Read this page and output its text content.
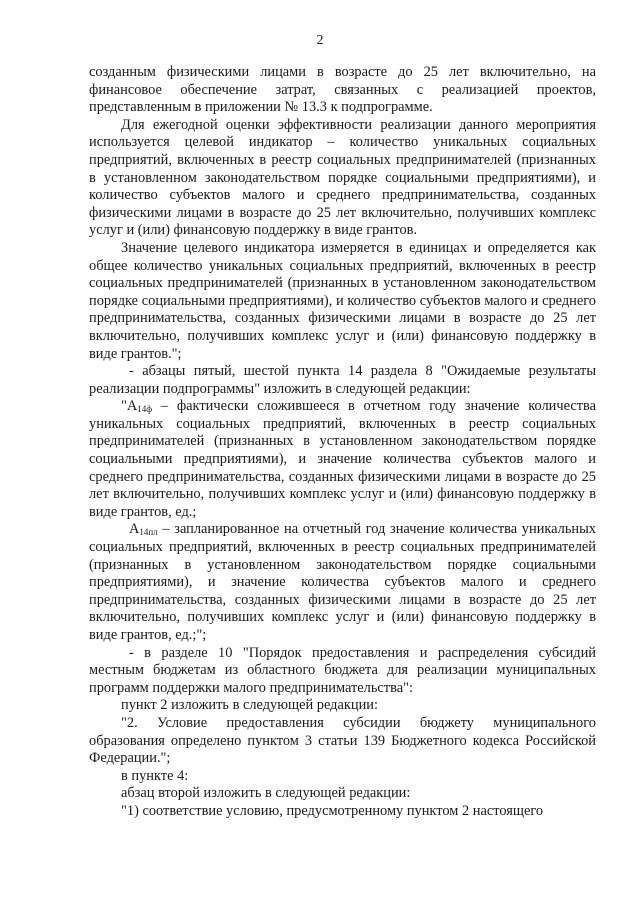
2

созданным физическими лицами в возрасте до 25 лет включительно, на финансовое обеспечение затрат, связанных с реализацией проектов, представленным в приложении № 13.3 к подпрограмме.

Для ежегодной оценки эффективности реализации данного мероприятия используется целевой индикатор – количество уникальных социальных предприятий, включенных в реестр социальных предпринимателей (признанных в установленном законодательством порядке социальными предприятиями), и количество субъектов малого и среднего предпринимательства, созданных физическими лицами в возрасте до 25 лет включительно, получивших комплекс услуг и (или) финансовую поддержку в виде грантов.

Значение целевого индикатора измеряется в единицах и определяется как общее количество уникальных социальных предприятий, включенных в реестр социальных предпринимателей (признанных в установленном законодательством порядке социальными предприятиями), и количество субъектов малого и среднего предпринимательства, созданных физическими лицами в возрасте до 25 лет включительно, получивших комплекс услуг и (или) финансовую поддержку в виде грантов.";

- абзацы пятый, шестой пункта 14 раздела 8 "Ожидаемые результаты реализации подпрограммы" изложить в следующей редакции:

"$A_{14ф}$ – фактически сложившееся в отчетном году значение количества уникальных социальных предприятий, включенных в реестр социальных предпринимателей (признанных в установленном законодательством порядке социальными предприятиями), и значение количества субъектов малого и среднего предпринимательства, созданных физическими лицами в возрасте до 25 лет включительно, получивших комплекс услуг и (или) финансовую поддержку в виде грантов, ед.;

$A_{14пл}$ – запланированное на отчетный год значение количества уникальных социальных предприятий, включенных в реестр социальных предпринимателей (признанных в установленном законодательством порядке социальными предприятиями), и значение количества субъектов малого и среднего предпринимательства, созданных физическими лицами в возрасте до 25 лет включительно, получивших комплекс услуг и (или) финансовую поддержку в виде грантов, ед.;";

- в разделе 10 "Порядок предоставления и распределения субсидий местным бюджетам из областного бюджета для реализации муниципальных программ поддержки малого предпринимательства":

пункт 2 изложить в следующей редакции:

"2. Условие предоставления субсидии бюджету муниципального образования определено пунктом 3 статьи 139 Бюджетного кодекса Российской Федерации.";

в пункте 4:

абзац второй изложить в следующей редакции:

"1) соответствие условию, предусмотренному пунктом 2 настоящего
